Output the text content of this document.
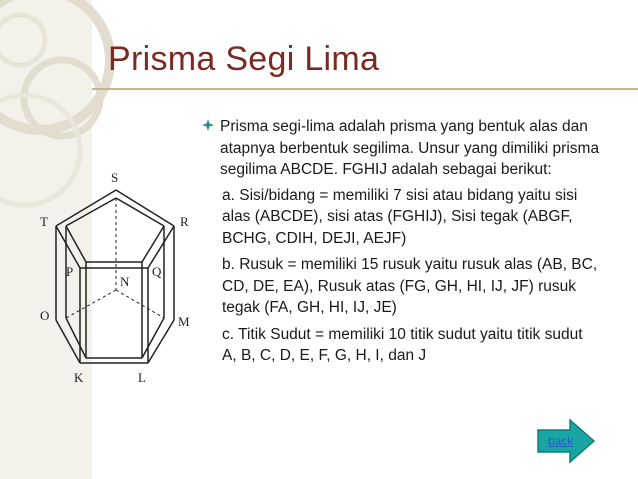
Prisma Segi Lima
Prisma segi-lima adalah prisma yang bentuk alas dan atapnya berbentuk segilima. Unsur yang dimiliki prisma segilima ABCDE. FGHIJ adalah sebagai berikut:
a. Sisi/bidang = memiliki 7 sisi atau bidang yaitu sisi alas (ABCDE), sisi atas (FGHIJ), Sisi tegak (ABGF, BCHG, CDIH, DEJI, AEJF)
b. Rusuk = memiliki 15 rusuk yaitu rusuk alas (AB, BC, CD, DE, EA), Rusuk atas (FG, GH, HI, IJ, JF) rusuk tegak (FA, GH, HI, IJ, JE)
c. Titik Sudut = memiliki 10 titik sudut yaitu titik sudut A, B, C, D, E, F, G, H, I, dan J
S
T	R
P	Q
N
O	M
K	L
back
